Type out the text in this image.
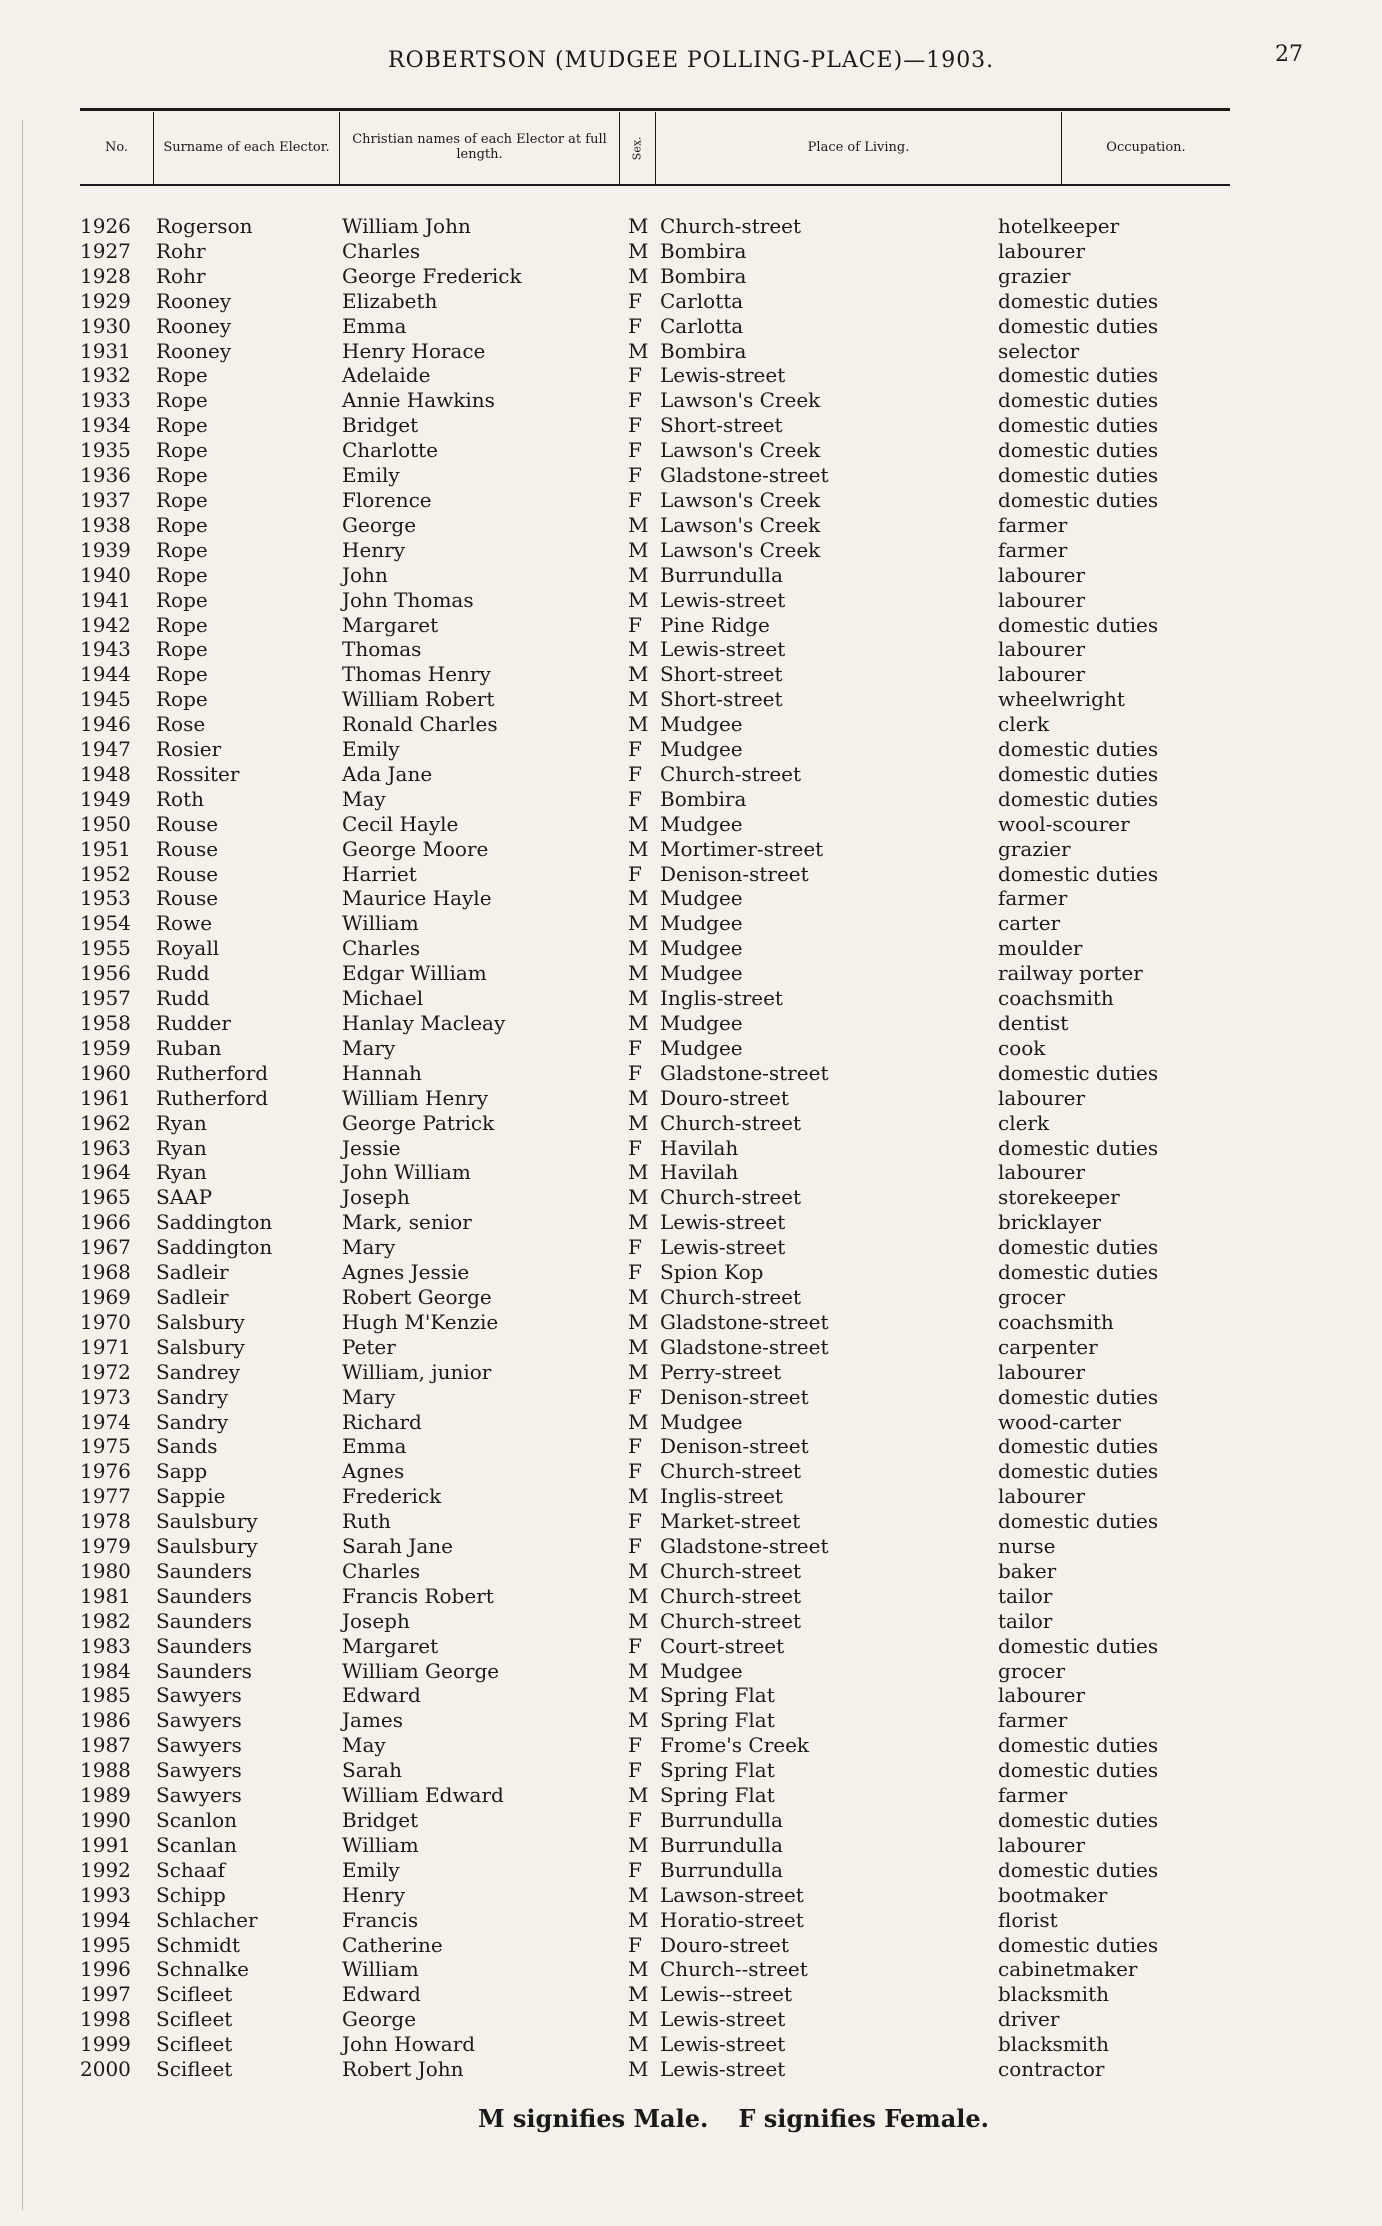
ROBERTSON (MUDGEE POLLING-PLACE)—1903.	27
No.	Surname of each Elector.	Christian names of each Elector at full length.	Sex.	Place of Living.	Occupation.
1926	Rogerson	William John	M Church-street	hotelkeeper
1927	Rohr	Charles	M Bombira	labourer
1928	Rohr	George Frederick	M Bombira	grazier
1929	Rooney	Elizabeth	F Carlotta	domestic duties
1930	Rooney	Emma	F Carlotta	domestic duties
1931	Rooney	Henry Horace	M Bombira	selector
1932	Rope	Adelaide	F Lewis-street	domestic duties
1933	Rope	Annie Hawkins	F Lawson's Creek	domestic duties
1934	Rope	Bridget	F Short-street	domestic duties
1935	Rope	Charlotte	F Lawson's Creek	domestic duties
1936	Rope	Emily	F Gladstone-street	domestic duties
1937	Rope	Florence	F Lawson's Creek	domestic duties
1938	Rope	George	M Lawson's Creek	farmer
1939	Rope	Henry	M Lawson's Creek	farmer
1940	Rope	John	M Burrundulla	labourer
1941	Rope	John Thomas	M Lewis-street	labourer
1942	Rope	Margaret	F Pine Ridge	domestic duties
1943	Rope	Thomas	M Lewis-street	labourer
1944	Rope	Thomas Henry	M Short-street	labourer
1945	Rope	William Robert	M Short-street	wheelwright
1946	Rose	Ronald Charles	M Mudgee	clerk
1947	Rosier	Emily	F Mudgee	domestic duties
1948	Rossiter	Ada Jane	F Church-street	domestic duties
1949	Roth	May	F Bombira	domestic duties
1950	Rouse	Cecil Hayle	M Mudgee	wool-scourer
1951	Rouse	George Moore	M Mortimer-street	grazier
1952	Rouse	Harriet	F Denison-street	domestic duties
1953	Rouse	Maurice Hayle	M Mudgee	farmer
1954	Rowe	William	M Mudgee	carter
1955	Royall	Charles	M Mudgee	moulder
1956	Rudd	Edgar William	M Mudgee	railway porter
1957	Rudd	Michael	M Inglis-street	coachsmith
1958	Rudder	Hanlay Macleay	M Mudgee	dentist
1959	Ruban	Mary	F Mudgee	cook
1960	Rutherford	Hannah	F Gladstone-street	domestic duties
1961	Rutherford	William Henry	M Douro-street	labourer
1962	Ryan	George Patrick	M Church-street	clerk
1963	Ryan	Jessie	F Havilah	domestic duties
1964	Ryan	John William	M Havilah	labourer
1965	SAAP	Joseph	M Church-street	storekeeper
1966	Saddington	Mark, senior	M Lewis-street	bricklayer
1967	Saddington	Mary	F Lewis-street	domestic duties
1968	Sadleir	Agnes Jessie	F Spion Kop	domestic duties
1969	Sadleir	Robert George	M Church-street	grocer
1970	Salsbury	Hugh M'Kenzie	M Gladstone-street	coachsmith
1971	Salsbury	Peter	M Gladstone-street	carpenter
1972	Sandrey	William, junior	M Perry-street	labourer
1973	Sandry	Mary	F Denison-street	domestic duties
1974	Sandry	Richard	M Mudgee	wood-carter
1975	Sands	Emma	F Denison-street	domestic duties
1976	Sapp	Agnes	F Church-street	domestic duties
1977	Sappie	Frederick	M Inglis-street	labourer
1978	Saulsbury	Ruth	F Market-street	domestic duties
1979	Saulsbury	Sarah Jane	F Gladstone-street	nurse
1980	Saunders	Charles	M Church-street	baker
1981	Saunders	Francis Robert	M Church-street	tailor
1982	Saunders	Joseph	M Church-street	tailor
1983	Saunders	Margaret	F Court-street	domestic duties
1984	Saunders	William George	M Mudgee	grocer
1985	Sawyers	Edward	M Spring Flat	labourer
1986	Sawyers	James	M Spring Flat	farmer
1987	Sawyers	May	F Frome's Creek	domestic duties
1988	Sawyers	Sarah	F Spring Flat	domestic duties
1989	Sawyers	William Edward	M Spring Flat	farmer
1990	Scanlon	Bridget	F Burrundulla	domestic duties
1991	Scanlan	William	M Burrundulla	labourer
1992	Schaaf	Emily	F Burrundulla	domestic duties
1993	Schipp	Henry	M Lawson-street	bootmaker
1994	Schlacher	Francis	M Horatio-street	florist
1995	Schmidt	Catherine	F Douro-street	domestic duties
1996	Schnalke	William	M Church--street	cabinetmaker
1997	Scifleet	Edward	M Lewis--street	blacksmith
1998	Scifleet	George	M Lewis-street	driver
1999	Scifleet	John Howard	M Lewis-street	blacksmith
2000	Scifleet	Robert John	M Lewis-street	contractor
M signifies Male. F signifies Female.
